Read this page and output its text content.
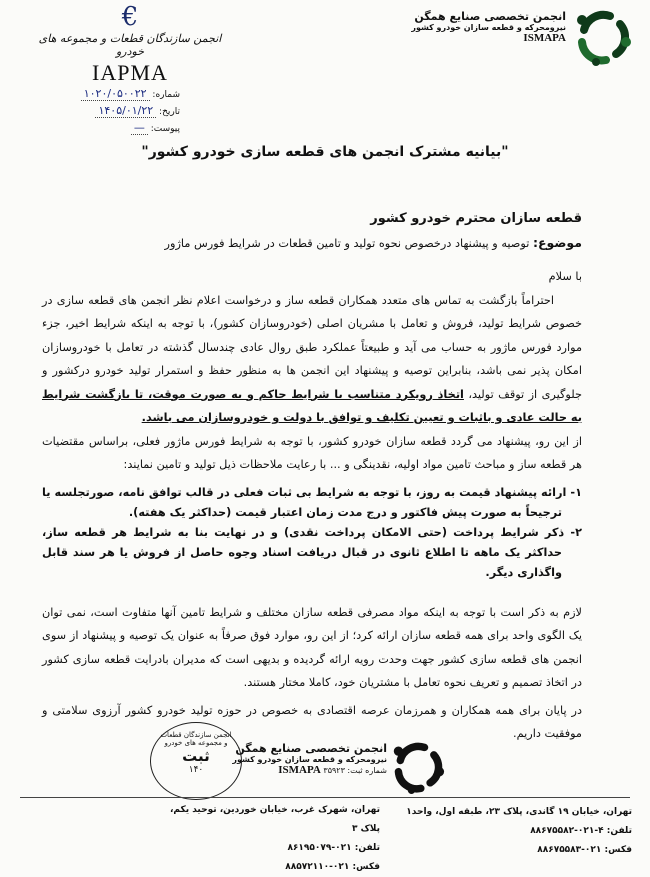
انجمن تخصصی صنایع همگن
نیرومحرکه و قطعه سازان خودرو کشور
ISMAPA
€
انجمن سازندگان قطعات و مجموعه های خودرو
IAPMA
شماره: ۱۰۲۰/۰۵۰۰۲۲
تاریخ: ۱۴۰۵/۰۱/۲۲
پیوست: —
"بیانیه مشترک انجمن های قطعه سازی خودرو کشور"

قطعه سازان محترم خودرو کشور

موضوع: توصیه و پیشنهاد درخصوص نحوه تولید و تامین قطعات در شرایط فورس ماژور

با سلام

احتراماً بازگشت به تماس های متعدد همکاران قطعه ساز و درخواست اعلام نظر انجمن های قطعه سازی در خصوص شرایط تولید، فروش و تعامل با مشریان اصلی (خودروسازان کشور)، با توجه به اینکه شرایط اخیر، جزء موارد فورس ماژور به حساب می آید و طبیعتاً عملکرد طبق روال عادی چندسال گذشته در تعامل با خودروسازان امکان پذیر نمی باشد، بنابراین توصیه و پیشنهاد این انجمن ها به منظور حفظ و استمرار تولید خودرو درکشور و جلوگیری از توقف تولید، اتخاذ رویکرد متناسب با شرایط حاکم و به صورت موقت، تا بازگشت شرایط به حالت عادی و باثبات و تعیین تکلیف و توافق با دولت و خودروسازان می باشد.

از این رو، پیشنهاد می گردد قطعه سازان خودرو کشور، با توجه به شرایط فورس ماژور فعلی، براساس مقتضیات هر قطعه ساز و مباحث تامین مواد اولیه، نقدینگی و ... با رعایت ملاحظات ذیل تولید و تامین نمایند:

۱- ارائه پیشنهاد قیمت به روز، با توجه به شرایط بی ثبات فعلی در قالب توافق نامه، صورتجلسه یا ترجیحاً به صورت پیش فاکتور و درج مدت زمان اعتبار قیمت (حداکثر یک هفته).

۲- ذکر شرایط پرداخت (حتی الامکان پرداخت نقدی) و در نهایت بنا به شرایط هر قطعه ساز، حداکثر یک ماهه تا اطلاع ثانوی در قبال دریافت اسناد وجوه حاصل از فروش یا هر سند قابل واگذاری دیگر.

لازم به ذکر است با توجه به اینکه مواد مصرفی قطعه سازان مختلف و شرایط تامین آنها متفاوت است، نمی توان یک الگوی واحد برای همه قطعه سازان ارائه کرد؛ از این رو، موارد فوق صرفاً به عنوان یک توصیه و پیشنهاد از سوی انجمن های قطعه سازی کشور جهت وحدت رویه ارائه گردیده و بدیهی است که مدیران بادرایت قطعه سازی کشور در اتخاذ تصمیم و تعریف نحوه تعامل با مشتریان خود، کاملا مختار هستند.

در پایان برای همه همکاران و همرزمان عرصه اقتصادی به خصوص در حوزه تولید خودرو کشور آرزوی سلامتی و موفقیت داریم.

انجمن تخصصی صنایع همگن
نیرومحرکه و قطعه سازان خودرو کشور
شماره ثبت: ۳۵۹۲۳ ISMAPA
انجمن سازندگان قطعات و مجموعه های خودرو
ثبت
۱۴۰
تهران، خیابان ۱۹ گاندی، پلاک ۲۳، طبقه اول، واحد۱
تلفن: ۴-۰۲۱-۸۸۶۷۵۵۸۲
فکس: ۰۲۱-۸۸۶۷۵۵۸۳
تهران، شهرک غرب، خیابان خوردین، توحید یکم، پلاک ۳
تلفن: ۰۲۱-۸۶۱۹۵۰۷۹
فکس: ۰۲۱-۸۸۵۷۲۱۱۰
